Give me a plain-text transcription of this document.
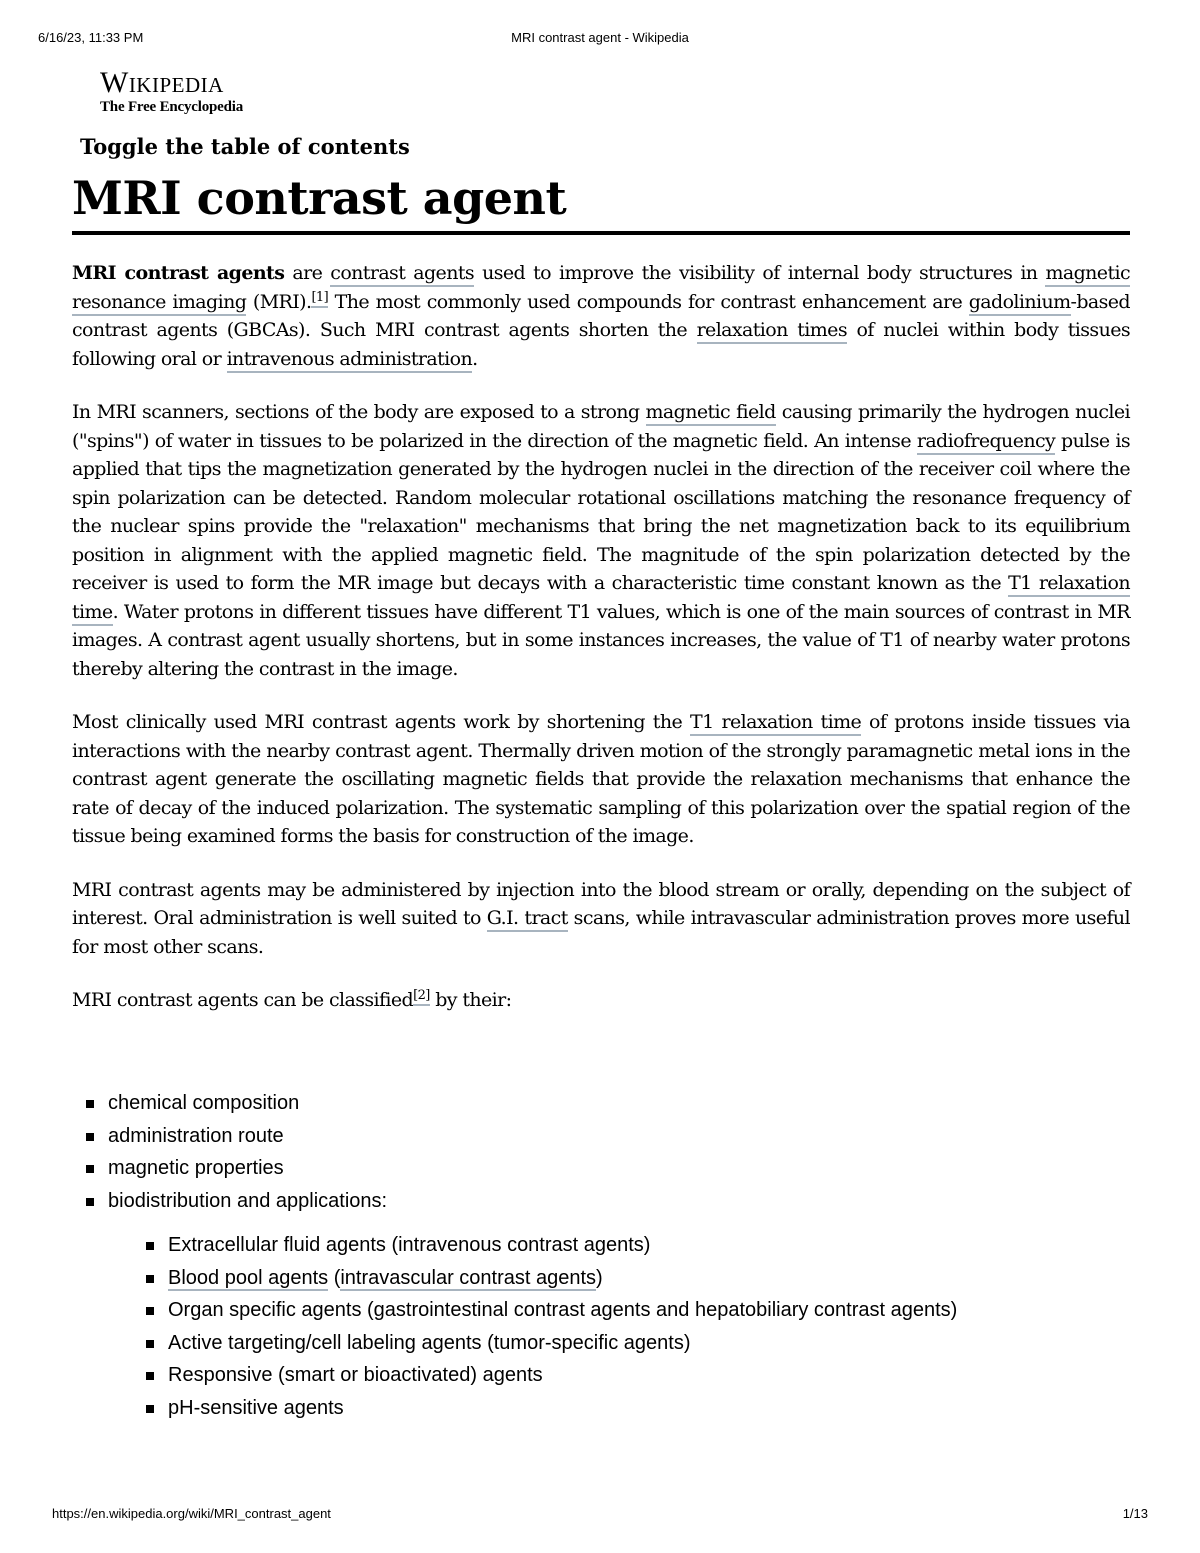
6/16/23, 11:33 PM	MRI contrast agent - Wikipedia
Wikipedia
The Free Encyclopedia
Toggle the table of contents
MRI contrast agent

MRI contrast agents are contrast agents used to improve the visibility of internal body structures in magnetic resonance imaging (MRI).[1] The most commonly used compounds for contrast enhancement are gadolinium-based contrast agents (GBCAs). Such MRI contrast agents shorten the relaxation times of nuclei within body tissues following oral or intravenous administration.

In MRI scanners, sections of the body are exposed to a strong magnetic field causing primarily the hydrogen nuclei ("spins") of water in tissues to be polarized in the direction of the magnetic field. An intense radiofrequency pulse is applied that tips the magnetization generated by the hydrogen nuclei in the direction of the receiver coil where the spin polarization can be detected. Random molecular rotational oscillations matching the resonance frequency of the nuclear spins provide the "relaxation" mechanisms that bring the net magnetization back to its equilibrium position in alignment with the applied magnetic field. The magnitude of the spin polarization detected by the receiver is used to form the MR image but decays with a characteristic time constant known as the T1 relaxation time. Water protons in different tissues have different T1 values, which is one of the main sources of contrast in MR images. A contrast agent usually shortens, but in some instances increases, the value of T1 of nearby water protons thereby altering the contrast in the image.

Most clinically used MRI contrast agents work by shortening the T1 relaxation time of protons inside tissues via interactions with the nearby contrast agent. Thermally driven motion of the strongly paramagnetic metal ions in the contrast agent generate the oscillating magnetic fields that provide the relaxation mechanisms that enhance the rate of decay of the induced polarization. The systematic sampling of this polarization over the spatial region of the tissue being examined forms the basis for construction of the image.

MRI contrast agents may be administered by injection into the blood stream or orally, depending on the subject of interest. Oral administration is well suited to G.I. tract scans, while intravascular administration proves more useful for most other scans.

MRI contrast agents can be classified[2] by their:

chemical composition
administration route
magnetic properties
biodistribution and applications:
Extracellular fluid agents (intravenous contrast agents)
Blood pool agents (intravascular contrast agents)
Organ specific agents (gastrointestinal contrast agents and hepatobiliary contrast agents)
Active targeting/cell labeling agents (tumor-specific agents)
Responsive (smart or bioactivated) agents
pH-sensitive agents
https://en.wikipedia.org/wiki/MRI_contrast_agent	1/13
